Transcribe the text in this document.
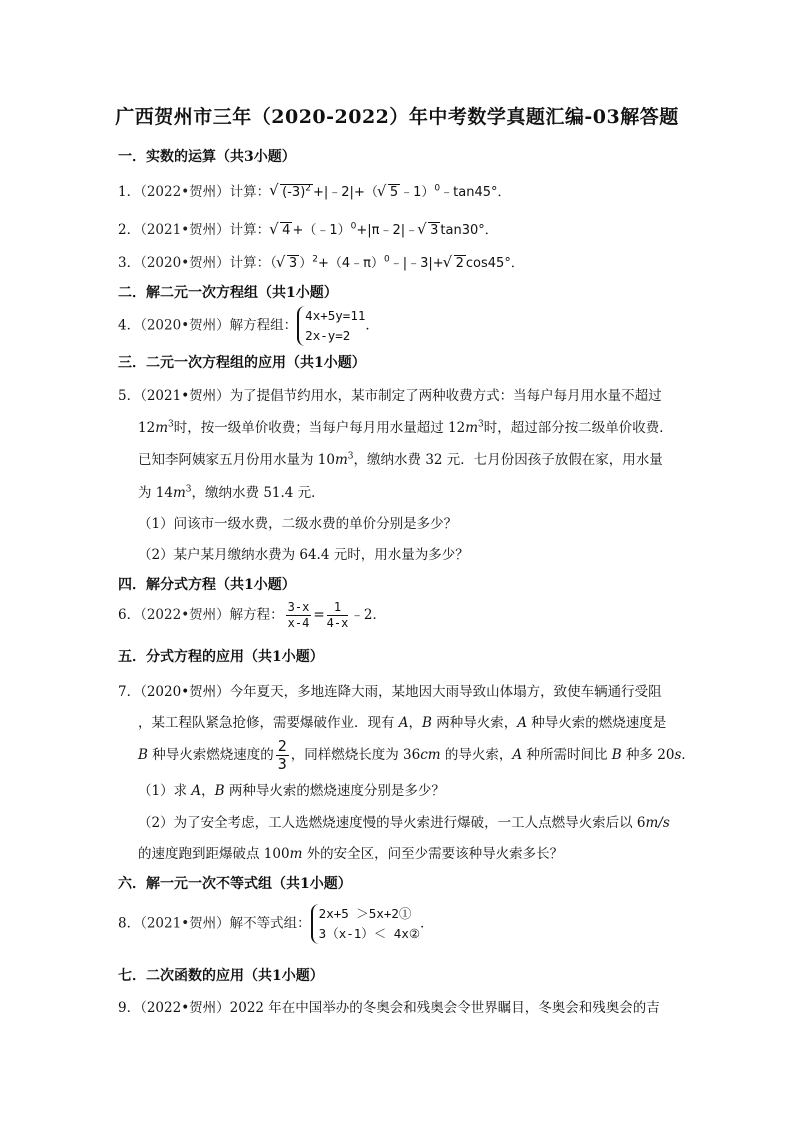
广西贺州市三年（2020-2022）年中考数学真题汇编-03解答题
一．实数的运算（共3小题）
1．（2022•贺州）计算： √ $(-3)^2$ +|﹣2|+（ √ 5 ﹣1）$^0$﹣tan45°．
2．（2021•贺州）计算： √ 4 +（﹣1）$^0$+|π﹣2|﹣ √ 3 tan30°．
3．（2020•贺州）计算：（ √ 3 ）$^2$+（4﹣π）$^0$﹣|﹣3|+ √ 2 cos45°．
二．解二元一次方程组（共1小题）
4．（2020•贺州）解方程组：
4x+5y=11
2x-y=2
．
三．二元一次方程组的应用（共1小题）
5．（2021•贺州）为了提倡节约用水，某市制定了两种收费方式：当每户每月用水量不超过
$12m^3$时，按一级单价收费；当每户每月用水量超过 $12m^3$时，超过部分按二级单价收费．
已知李阿姨家五月份用水量为 $10m^3$，缴纳水费 32 元．七月份因孩子放假在家，用水量
为 $14m^3$，缴纳水费 51.4 元．
（1）问该市一级水费，二级水费的单价分别是多少？
（2）某户某月缴纳水费为 64.4 元时，用水量为多少？
四．解分式方程（共1小题）
6．（2022•贺州）解方程： $\frac{3-x}{x-4} = \frac{1}{4-x}$ ﹣2．
五．分式方程的应用（共1小题）
7．（2020•贺州）今年夏天，多地连降大雨，某地因大雨导致山体塌方，致使车辆通行受阻
，某工程队紧急抢修，需要爆破作业．现有 A，B 两种导火索，A 种导火索的燃烧速度是
B 种导火索燃烧速度的 $\frac{2}{3}$ ，同样燃烧长度为 36cm 的导火索，A 种所需时间比 B 种多 20s．
（1）求 A，B 两种导火索的燃烧速度分别是多少？
（2）为了安全考虑，工人选燃烧速度慢的导火索进行爆破，一工人点燃导火索后以 6m/s
的速度跑到距爆破点 100m 外的安全区，问至少需要该种导火索多长？
六．解一元一次不等式组（共1小题）
8．（2021•贺州）解不等式组：
2x+5 ＞5x+2①
3（x-1）＜ 4x②
．
七．二次函数的应用（共1小题）
9．（2022•贺州）2022 年在中国举办的冬奥会和残奥会令世界瞩目，冬奥会和残奥会的吉
